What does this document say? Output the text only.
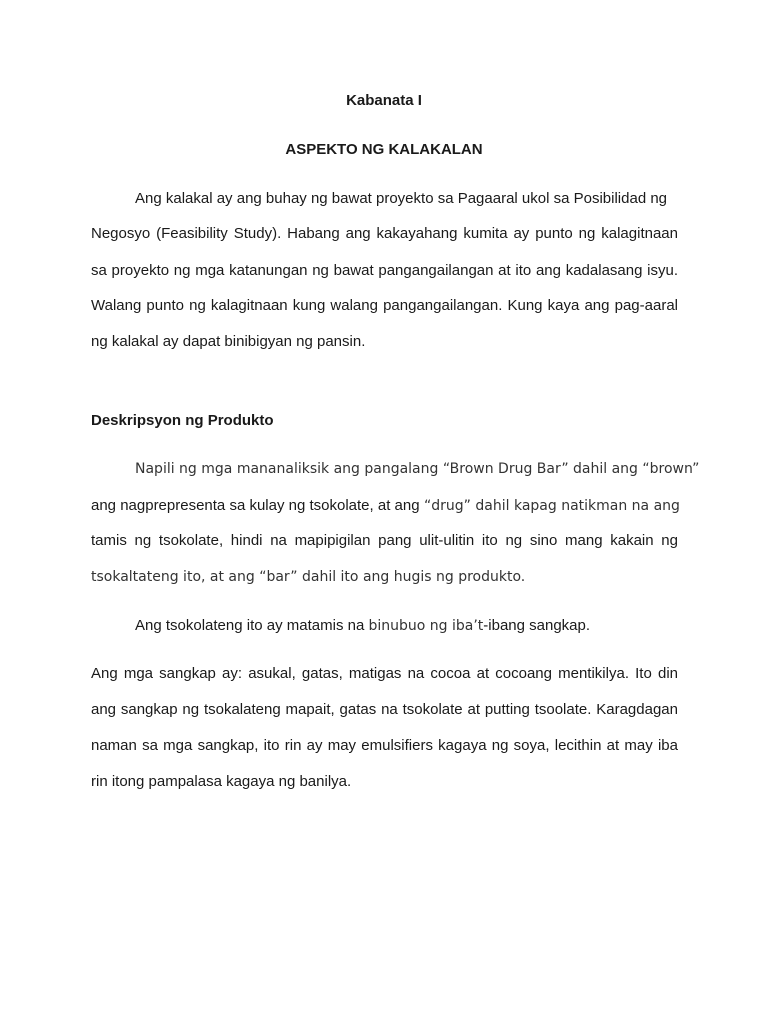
Kabanata I

ASPEKTO NG KALAKALAN

Ang kalakal ay ang buhay ng bawat proyekto sa Pagaaral ukol sa Posibilidad ng

Negosyo (Feasibility Study). Habang ang kakayahang kumita ay punto ng kalagitnaan

sa proyekto ng mga katanungan ng bawat pangangailangan at ito ang kadalasang isyu.

Walang punto ng kalagitnaan kung walang pangangailangan. Kung kaya ang pag-aaral

ng kalakal ay dapat binibigyan ng pansin.

Deskripsyon ng Produkto

Napili ng mga mananaliksik ang pangalang “Brown Drug Bar” dahil ang “brown”

ang nagprepresenta sa kulay ng tsokolate, at ang “drug” dahil kapag natikman na ang

tamis ng tsokolate, hindi na mapipigilan pang ulit-ulitin ito ng sino mang kakain ng

tsokaltateng ito, at ang “bar” dahil ito ang hugis ng produkto.

Ang tsokolateng ito ay matamis na binubuo ng iba’t-ibang sangkap.

Ang mga sangkap ay: asukal, gatas, matigas na cocoa at cocoang mentikilya. Ito din

ang sangkap ng tsokalateng mapait, gatas na tsokolate at putting tsoolate. Karagdagan

naman sa mga sangkap, ito rin ay may emulsifiers kagaya ng soya, lecithin at may iba

rin itong pampalasa kagaya ng banilya.
